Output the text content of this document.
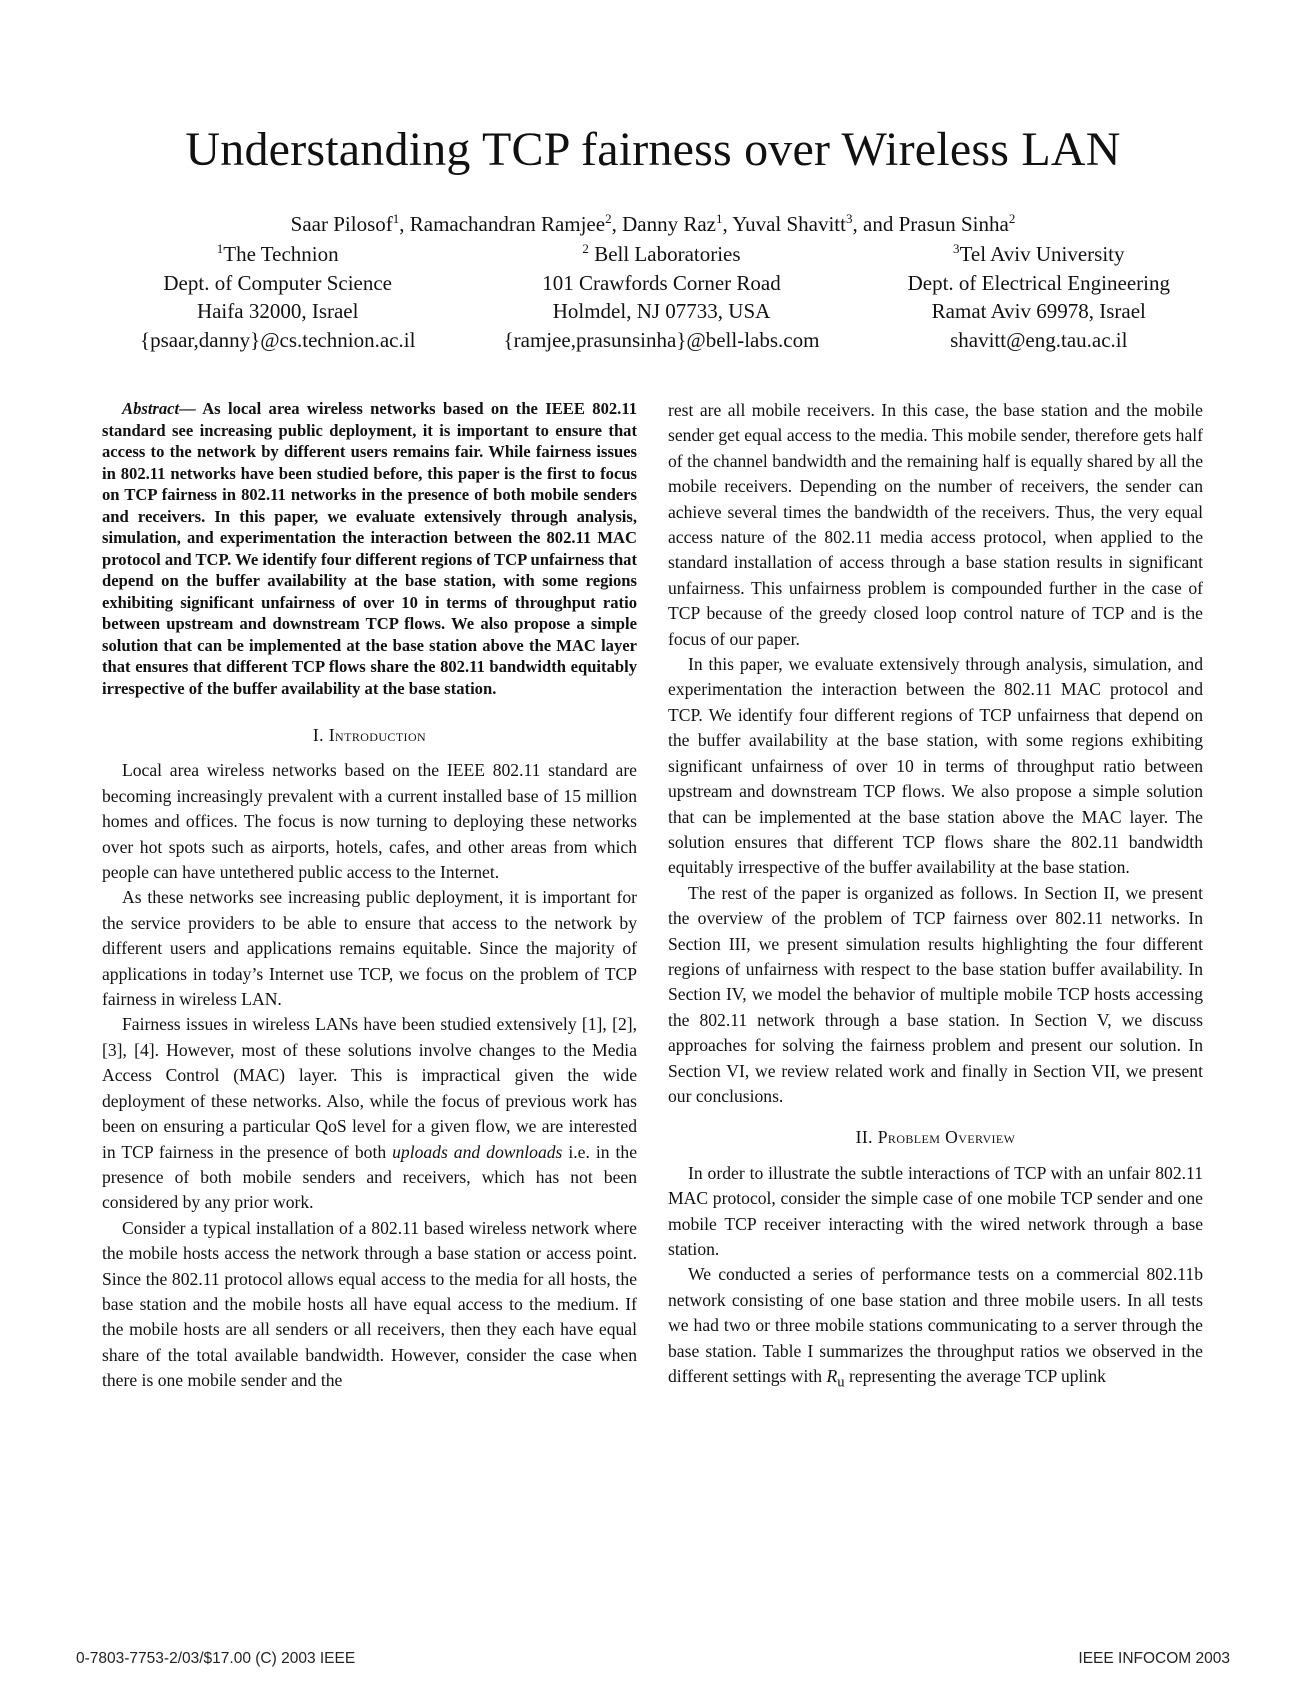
Understanding TCP fairness over Wireless LAN
Saar Pilosof$^1$, Ramachandran Ramjee$^2$, Danny Raz$^1$, Yuval Shavitt$^3$, and Prasun Sinha$^2$
$^1$The Technion
Dept. of Computer Science
Haifa 32000, Israel
{psaar,danny}@cs.technion.ac.il
$^2$ Bell Laboratories
101 Crawfords Corner Road
Holmdel, NJ 07733, USA
{ramjee,prasunsinha}@bell-labs.com
$^3$Tel Aviv University
Dept. of Electrical Engineering
Ramat Aviv 69978, Israel
shavitt@eng.tau.ac.il

Abstract— As local area wireless networks based on the IEEE 802.11 standard see increasing public deployment, it is important to ensure that access to the network by different users remains fair. While fairness issues in 802.11 networks have been studied before, this paper is the first to focus on TCP fairness in 802.11 networks in the presence of both mobile senders and receivers. In this paper, we evaluate extensively through analysis, simulation, and experimentation the interaction between the 802.11 MAC protocol and TCP. We identify four different regions of TCP unfairness that depend on the buffer availability at the base station, with some regions exhibiting significant unfairness of over 10 in terms of throughput ratio between upstream and downstream TCP flows. We also propose a simple solution that can be implemented at the base station above the MAC layer that ensures that different TCP flows share the 802.11 bandwidth equitably irrespective of the buffer availability at the base station.

I. Introduction

Local area wireless networks based on the IEEE 802.11 standard are becoming increasingly prevalent with a current installed base of 15 million homes and offices. The focus is now turning to deploying these networks over hot spots such as airports, hotels, cafes, and other areas from which people can have untethered public access to the Internet.

As these networks see increasing public deployment, it is important for the service providers to be able to ensure that access to the network by different users and applications remains equitable. Since the majority of applications in today’s Internet use TCP, we focus on the problem of TCP fairness in wireless LAN.

Fairness issues in wireless LANs have been studied extensively [1], [2], [3], [4]. However, most of these solutions involve changes to the Media Access Control (MAC) layer. This is impractical given the wide deployment of these networks. Also, while the focus of previous work has been on ensuring a particular QoS level for a given flow, we are interested in TCP fairness in the presence of both uploads and downloads i.e. in the presence of both mobile senders and receivers, which has not been considered by any prior work.

Consider a typical installation of a 802.11 based wireless network where the mobile hosts access the network through a base station or access point. Since the 802.11 protocol allows equal access to the media for all hosts, the base station and the mobile hosts all have equal access to the medium. If the mobile hosts are all senders or all receivers, then they each have equal share of the total available bandwidth. However, consider the case when there is one mobile sender and the

rest are all mobile receivers. In this case, the base station and the mobile sender get equal access to the media. This mobile sender, therefore gets half of the channel bandwidth and the remaining half is equally shared by all the mobile receivers. Depending on the number of receivers, the sender can achieve several times the bandwidth of the receivers. Thus, the very equal access nature of the 802.11 media access protocol, when applied to the standard installation of access through a base station results in significant unfairness. This unfairness problem is compounded further in the case of TCP because of the greedy closed loop control nature of TCP and is the focus of our paper.

In this paper, we evaluate extensively through analysis, simulation, and experimentation the interaction between the 802.11 MAC protocol and TCP. We identify four different regions of TCP unfairness that depend on the buffer availability at the base station, with some regions exhibiting significant unfairness of over 10 in terms of throughput ratio between upstream and downstream TCP flows. We also propose a simple solution that can be implemented at the base station above the MAC layer. The solution ensures that different TCP flows share the 802.11 bandwidth equitably irrespective of the buffer availability at the base station.

The rest of the paper is organized as follows. In Section II, we present the overview of the problem of TCP fairness over 802.11 networks. In Section III, we present simulation results highlighting the four different regions of unfairness with respect to the base station buffer availability. In Section IV, we model the behavior of multiple mobile TCP hosts accessing the 802.11 network through a base station. In Section V, we discuss approaches for solving the fairness problem and present our solution. In Section VI, we review related work and finally in Section VII, we present our conclusions.

II. Problem Overview

In order to illustrate the subtle interactions of TCP with an unfair 802.11 MAC protocol, consider the simple case of one mobile TCP sender and one mobile TCP receiver interacting with the wired network through a base station.

We conducted a series of performance tests on a commercial 802.11b network consisting of one base station and three mobile users. In all tests we had two or three mobile stations communicating to a server through the base station. Table I summarizes the throughput ratios we observed in the different settings with $R_u$ representing the average TCP uplink

0-7803-7753-2/03/$17.00 (C) 2003 IEEE	IEEE INFOCOM 2003
